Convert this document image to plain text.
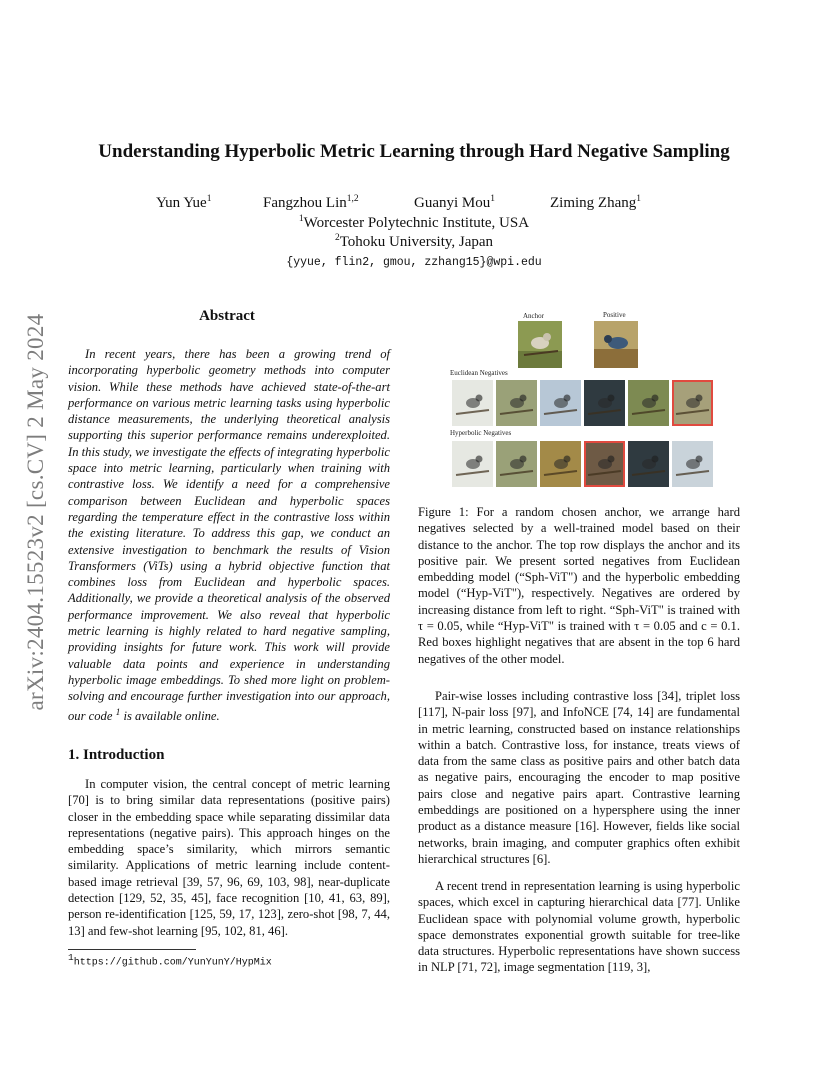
arXiv:2404.15523v2 [cs.CV] 2 May 2024
Understanding Hyperbolic Metric Learning through Hard Negative Sampling
Yun Yue$^1$	Fangzhou Lin$^{1,2}$	Guanyi Mou$^1$	Ziming Zhang$^1$
$^1$Worcester Polytechnic Institute, USA
$^2$Tohoku University, Japan
{yyue, flin2, gmou, zzhang15}@wpi.edu
Abstract
In recent years, there has been a growing trend of incorporating hyperbolic geometry methods into computer vision. While these methods have achieved state-of-the-art performance on various metric learning tasks using hyperbolic distance measurements, the underlying theoretical analysis supporting this superior performance remains underexploited. In this study, we investigate the effects of integrating hyperbolic space into metric learning, particularly when training with contrastive loss. We identify a need for a comprehensive comparison between Euclidean and hyperbolic spaces regarding the temperature effect in the contrastive loss within the existing literature. To address this gap, we conduct an extensive investigation to benchmark the results of Vision Transformers (ViTs) using a hybrid objective function that combines loss from Euclidean and hyperbolic spaces. Additionally, we provide a theoretical analysis of the observed performance improvement. We also reveal that hyperbolic metric learning is highly related to hard negative sampling, providing insights for future work. This work will provide valuable data points and experience in understanding hyperbolic image embeddings. To shed more light on problem-solving and encourage further investigation into our approach, our code $^1$ is available online.
1. Introduction
In computer vision, the central concept of metric learning [70] is to bring similar data representations (positive pairs) closer in the embedding space while separating dissimilar data representations (negative pairs). This approach hinges on the embedding space’s similarity, which mirrors semantic similarity. Applications of metric learning include content-based image retrieval [39, 57, 96, 69, 103, 98], near-duplicate detection [129, 52, 35, 45], face recognition [10, 41, 63, 89], person re-identification [125, 59, 17, 123], zero-shot [98, 7, 44, 13] and few-shot learning [95, 102, 81, 46].
$^1$https://github.com/YunYunY/HypMix
Anchor	Positive
Euclidean Negatives
Hyperbolic Negatives
Figure 1: For a random chosen anchor, we arrange hard negatives selected by a well-trained model based on their distance to the anchor. The top row displays the anchor and its positive pair. We present sorted negatives from Euclidean embedding model (“Sph-ViT") and the hyperbolic embedding model (“Hyp-ViT"), respectively. Negatives are ordered by increasing distance from left to right. “Sph-ViT" is trained with τ = 0.05, while “Hyp-ViT" is trained with τ = 0.05 and c = 0.1. Red boxes highlight negatives that are absent in the top 6 hard negatives of the other model.
Pair-wise losses including contrastive loss [34], triplet loss [117], N-pair loss [97], and InfoNCE [74, 14] are fundamental in metric learning, constructed based on instance relationships within a batch. Contrastive loss, for instance, treats views of data from the same class as positive pairs and other batch data as negative pairs, encouraging the encoder to map positive pairs close and negative pairs apart. Contrastive learning embeddings are positioned on a hypersphere using the inner product as a distance measure [16]. However, fields like social networks, brain imaging, and computer graphics often exhibit hierarchical structures [6].
A recent trend in representation learning is using hyperbolic spaces, which excel in capturing hierarchical data [77]. Unlike Euclidean space with polynomial volume growth, hyperbolic space demonstrates exponential growth suitable for tree-like data structures. Hyperbolic representations have shown success in NLP [71, 72], image segmentation [119, 3],
